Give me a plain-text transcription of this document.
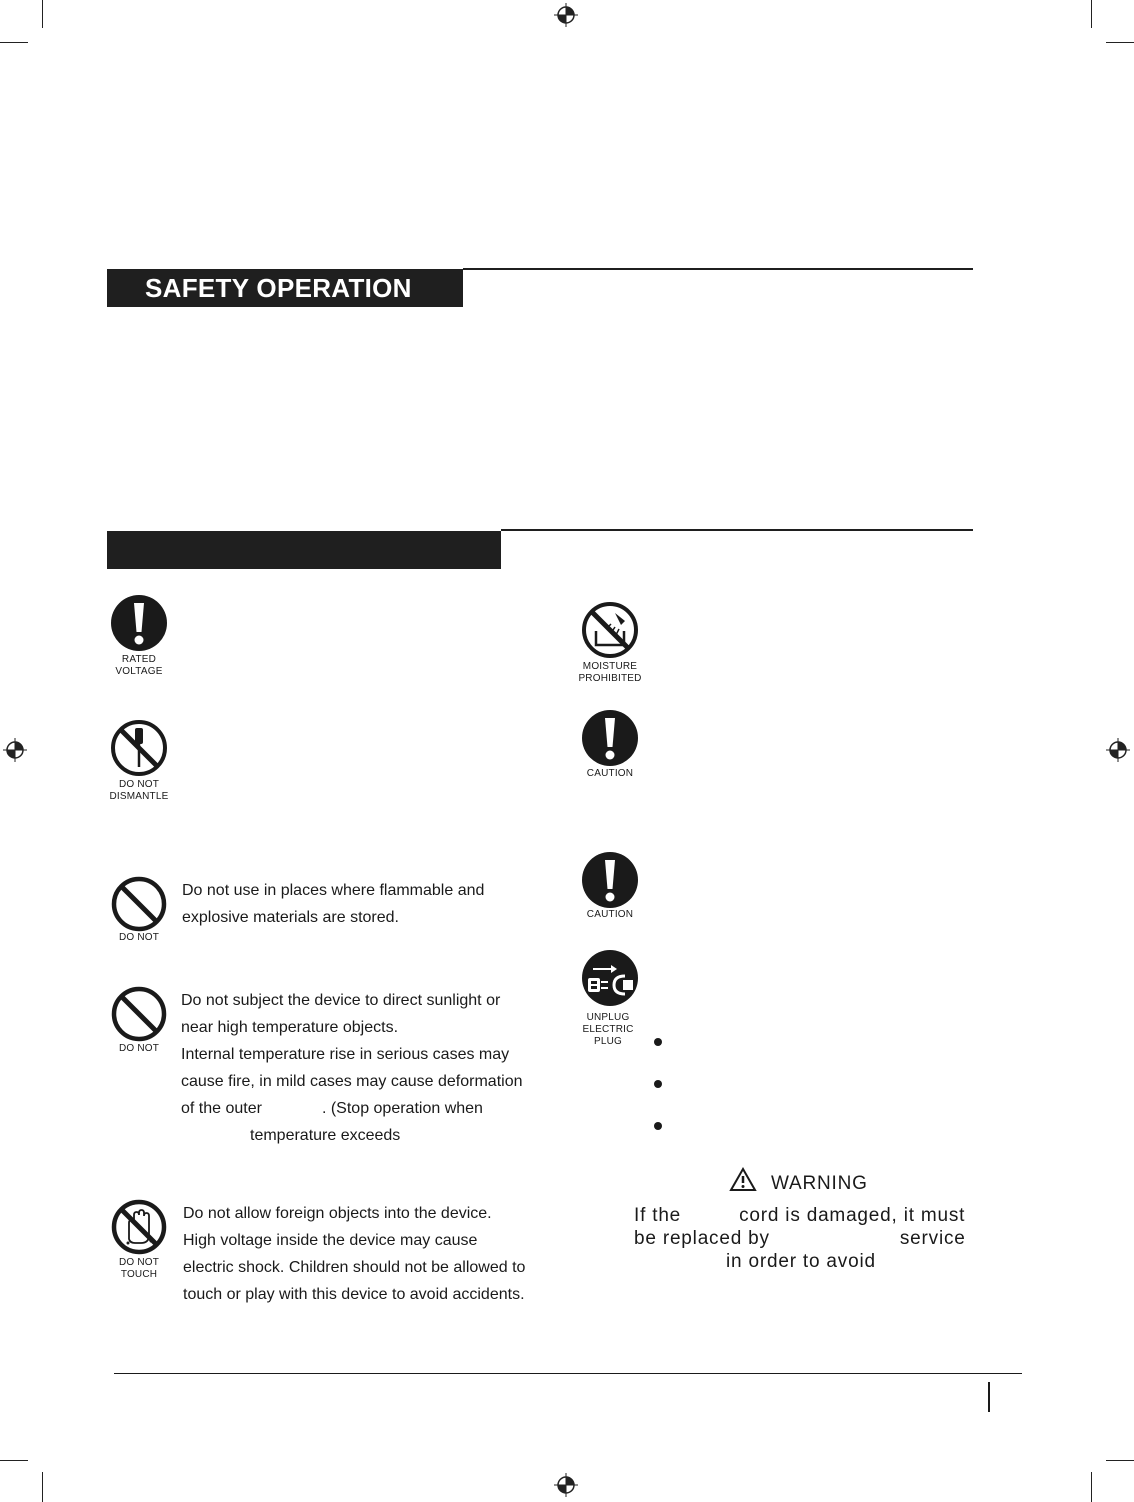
SAFETY OPERATION
RATED
VOLTAGE
DO NOT
DISMANTLE
DO NOT
Do not use in places where flammable and
explosive materials are stored.
DO NOT
Do not subject the device to direct sunlight or
near high temperature objects.
Internal temperature rise in serious cases may
cause fire, in mild cases may cause deformation
of the outer	. (Stop operation when
temperature exceeds
DO NOT
TOUCH
Do not allow foreign objects into the device.
High voltage inside the device may cause
electric shock. Children should not be allowed to
touch or play with this device to avoid accidents.
MOISTURE
PROHIBITED
CAUTION
CAUTION
UNPLUG
ELECTRIC
PLUG
WARNING
If the	cord is damaged, it must
be replaced by	service
in order to avoid
